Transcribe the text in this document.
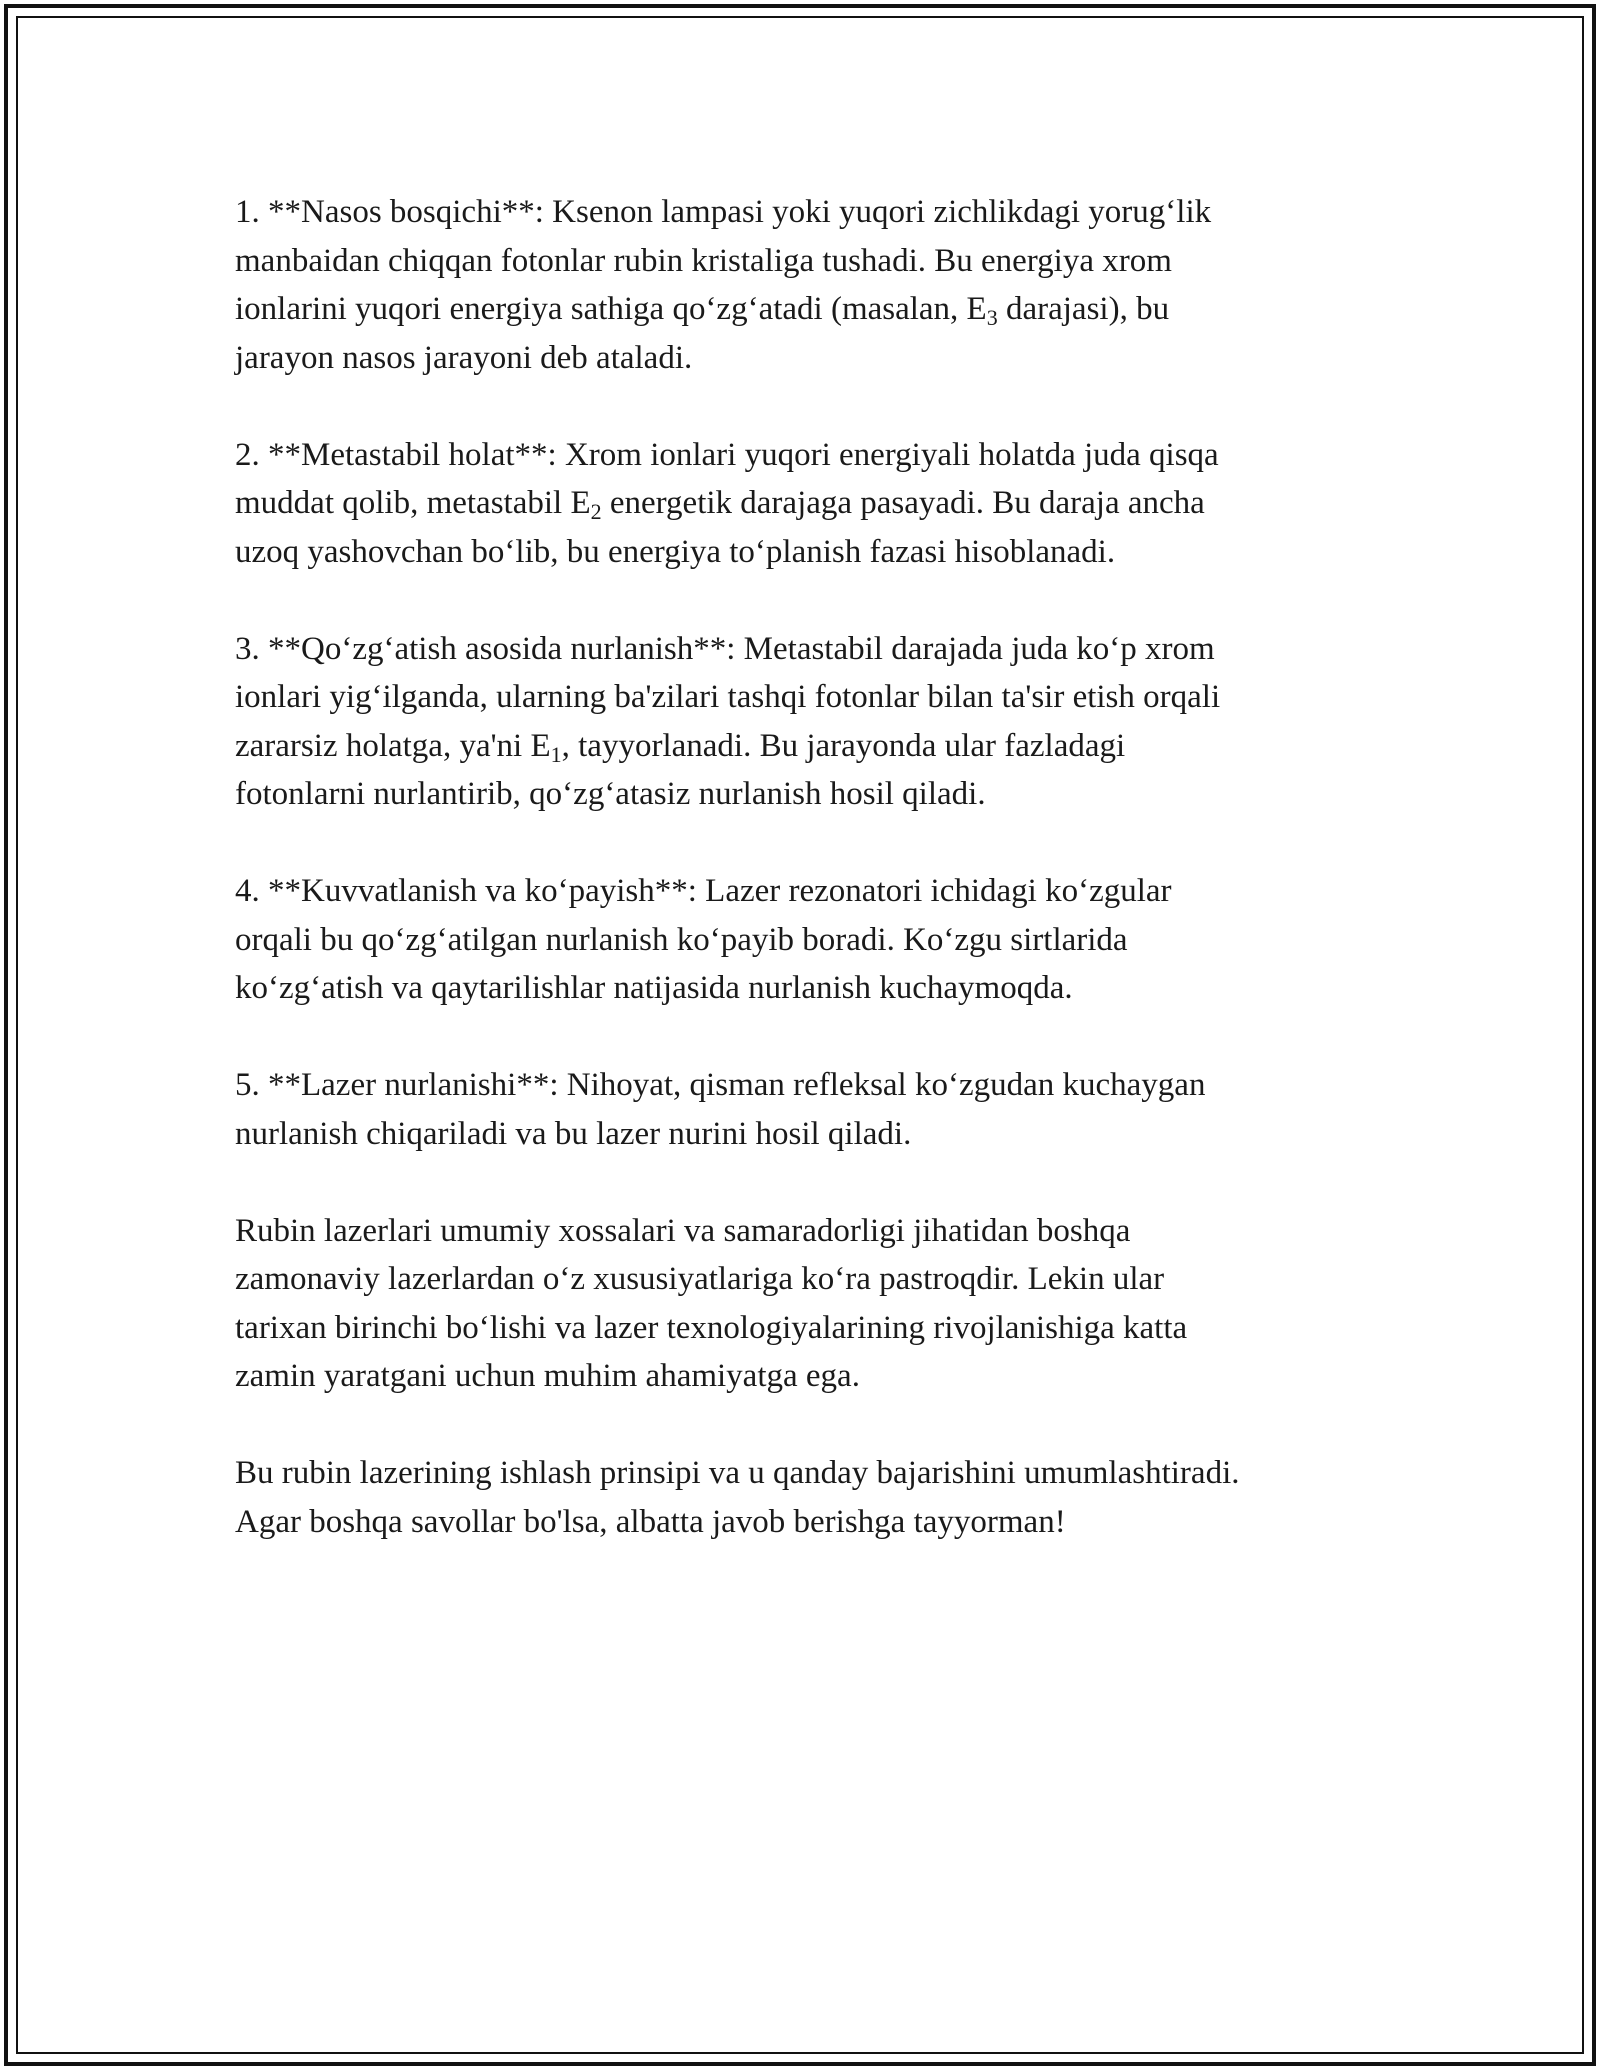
1. **Nasos bosqichi**: Ksenon lampasi yoki yuqori zichlikdagi yorugʻlik
manbaidan chiqqan fotonlar rubin kristaliga tushadi. Bu energiya xrom
ionlarini yuqori energiya sathiga qoʻzgʻatadi (masalan, $E_3$ darajasi), bu
jarayon nasos jarayoni deb ataladi.

2. **Metastabil holat**: Xrom ionlari yuqori energiyali holatda juda qisqa
muddat qolib, metastabil $E_2$ energetik darajaga pasayadi. Bu daraja ancha
uzoq yashovchan boʻlib, bu energiya toʻplanish fazasi hisoblanadi.

3. **Qoʻzgʻatish asosida nurlanish**: Metastabil darajada juda koʻp xrom
ionlari yigʻilganda, ularning ba'zilari tashqi fotonlar bilan ta'sir etish orqali
zararsiz holatga, ya'ni $E_1$, tayyorlanadi. Bu jarayonda ular fazladagi
fotonlarni nurlantirib, qoʻzgʻatasiz nurlanish hosil qiladi.

4. **Kuvvatlanish va koʻpayish**: Lazer rezonatori ichidagi koʻzgular
orqali bu qoʻzgʻatilgan nurlanish koʻpayib boradi. Koʻzgu sirtlarida
koʻzgʻatish va qaytarilishlar natijasida nurlanish kuchaymoqda.

5. **Lazer nurlanishi**: Nihoyat, qisman refleksal koʻzgudan kuchaygan
nurlanish chiqariladi va bu lazer nurini hosil qiladi.

Rubin lazerlari umumiy xossalari va samaradorligi jihatidan boshqa
zamonaviy lazerlardan oʻz xususiyatlariga koʻra pastroqdir. Lekin ular
tarixan birinchi boʻlishi va lazer texnologiyalarining rivojlanishiga katta
zamin yaratgani uchun muhim ahamiyatga ega.

Bu rubin lazerining ishlash prinsipi va u qanday bajarishini umumlashtiradi.
Agar boshqa savollar bo'lsa, albatta javob berishga tayyorman!
